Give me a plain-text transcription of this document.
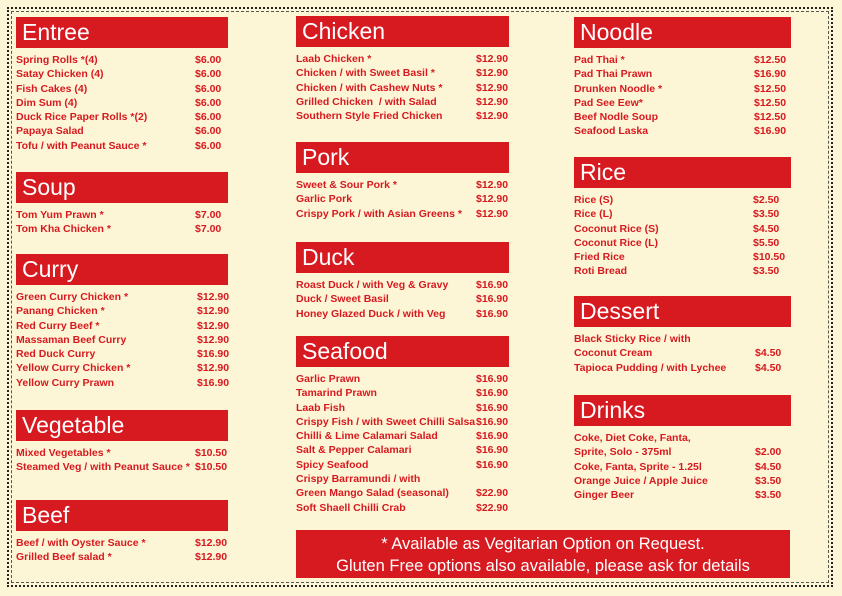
Entree
Spring Rolls *(4)	$6.00
Satay Chicken (4)	$6.00
Fish Cakes (4)	$6.00
Dim Sum (4)	$6.00
Duck Rice Paper Rolls *(2)	$6.00
Papaya Salad	$6.00
Tofu / with Peanut Sauce *	$6.00
Soup
Tom Yum Prawn *	$7.00
Tom Kha Chicken *	$7.00
Curry
Green Curry Chicken *	$12.90
Panang Chicken *	$12.90
Red Curry Beef *	$12.90
Massaman Beef Curry	$12.90
Red Duck Curry	$16.90
Yellow Curry Chicken *	$12.90
Yellow Curry Prawn	$16.90
Vegetable
Mixed Vegetables *	$10.50
Steamed Veg / with Peanut Sauce * $10.50
Beef
Beef / with Oyster Sauce *	$12.90
Grilled Beef salad *	$12.90
Chicken
Laab Chicken *	$12.90
Chicken / with Sweet Basil *	$12.90
Chicken / with Cashew Nuts *	$12.90
Grilled Chicken  / with Salad	$12.90
Southern Style Fried Chicken	$12.90
Pork
Sweet & Sour Pork *	$12.90
Garlic Pork	$12.90
Crispy Pork / with Asian Greens * $12.90
Duck
Roast Duck / with Veg & Gravy	$16.90
Duck / Sweet Basil	$16.90
Honey Glazed Duck / with Veg	$16.90
Seafood
Garlic Prawn	$16.90
Tamarind Prawn	$16.90
Laab Fish	$16.90
Crispy Fish / with Sweet Chilli Salsa $16.90
Chilli & Lime Calamari Salad	$16.90
Salt & Pepper Calamari	$16.90
Spicy Seafood	$16.90
Crispy Barramundi / with
Green Mango Salad (seasonal)	$22.90
Soft Shaell Chilli Crab	$22.90
Noodle
Pad Thai *	$12.50
Pad Thai Prawn	$16.90
Drunken Noodle *	$12.50
Pad See Eew*	$12.50
Beef Nodle Soup	$12.50
Seafood Laska	$16.90
Rice
Rice (S)	$2.50
Rice (L)	$3.50
Coconut Rice (S)	$4.50
Coconut Rice (L)	$5.50
Fried Rice	$10.50
Roti Bread	$3.50
Dessert
Black Sticky Rice / with
Coconut Cream	$4.50
Tapioca Pudding / with Lychee	$4.50
Drinks
Coke, Diet Coke, Fanta,
Sprite, Solo - 375ml	$2.00
Coke, Fanta, Sprite - 1.25l	$4.50
Orange Juice / Apple Juice	$3.50
Ginger Beer	$3.50
* Available as Vegitarian Option on Request.
Gluten Free options also available, please ask for details
